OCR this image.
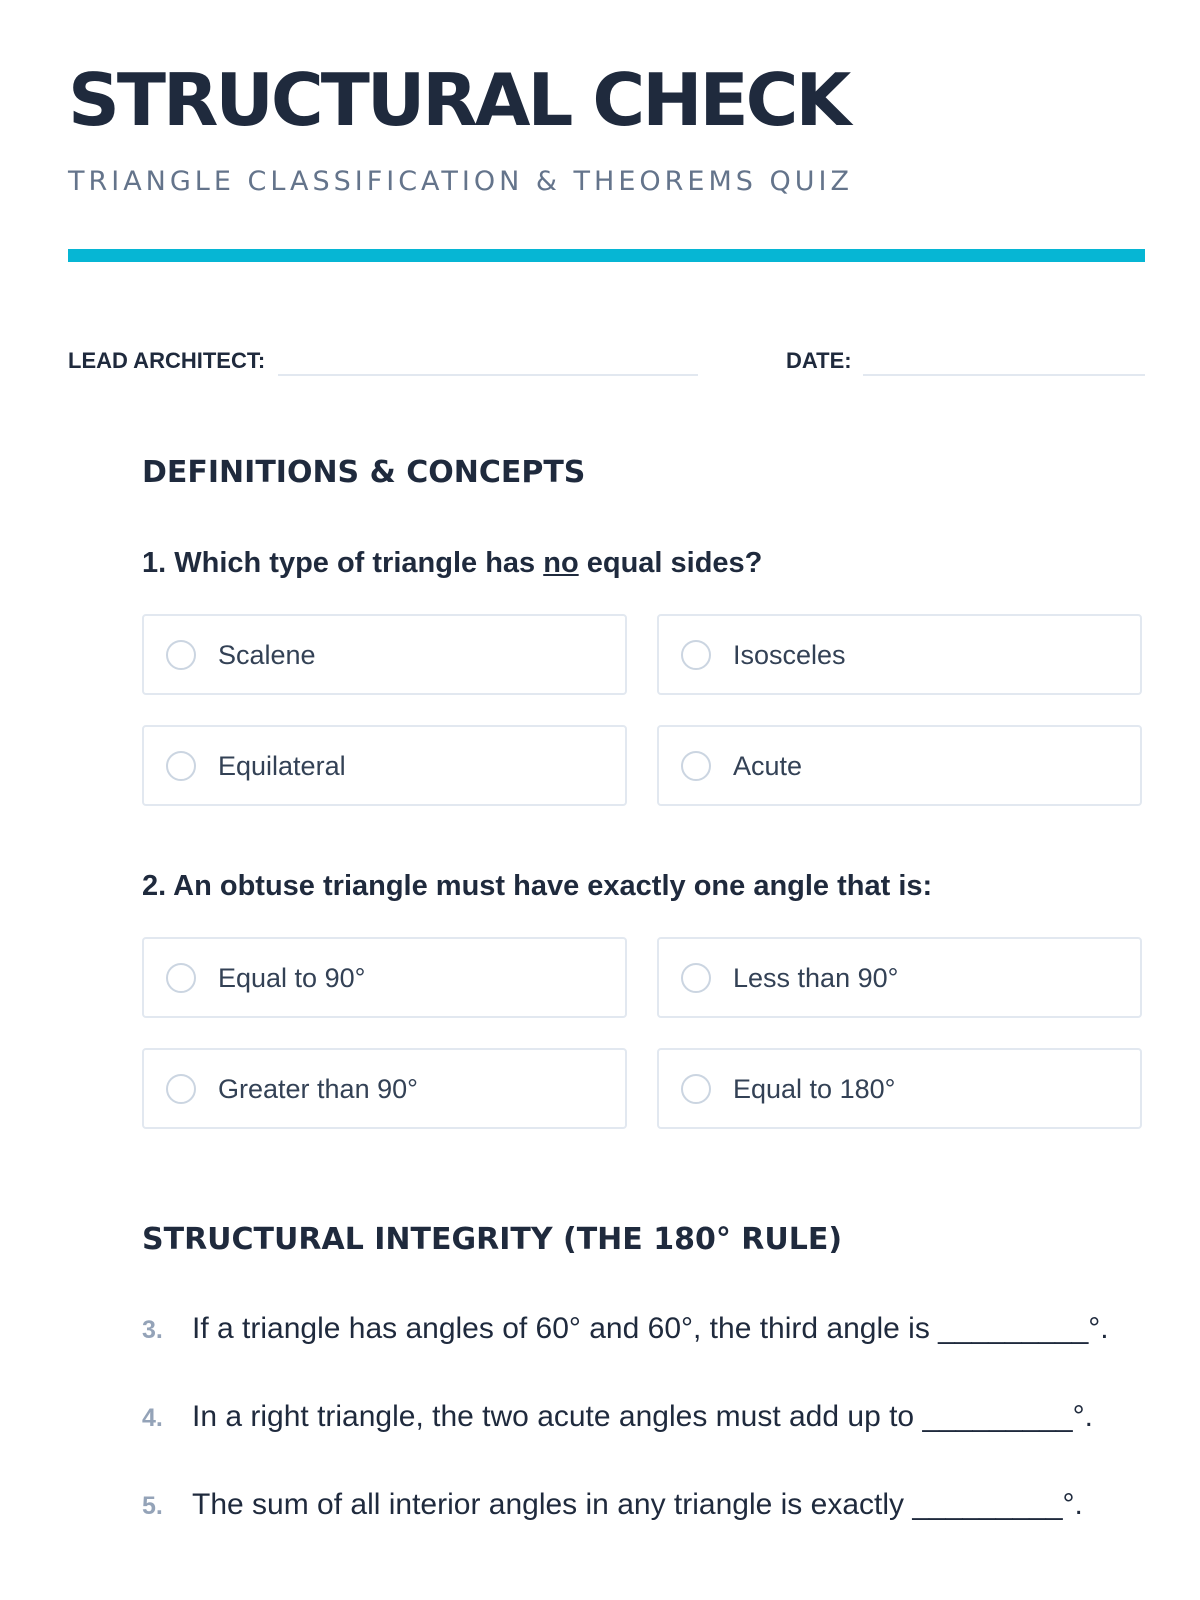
STRUCTURAL CHECK
TRIANGLE CLASSIFICATION & THEOREMS QUIZ
LEAD ARCHITECT:	DATE:
DEFINITIONS & CONCEPTS
1. Which type of triangle has no equal sides?
Scalene	Isosceles
Equilateral	Acute
2. An obtuse triangle must have exactly one angle that is:
Equal to 90°	Less than 90°
Greater than 90°	Equal to 180°
STRUCTURAL INTEGRITY (THE 180° RULE)
3. If a triangle has angles of 60° and 60°, the third angle is _________°.
4. In a right triangle, the two acute angles must add up to _________°.
5. The sum of all interior angles in any triangle is exactly _________°.
